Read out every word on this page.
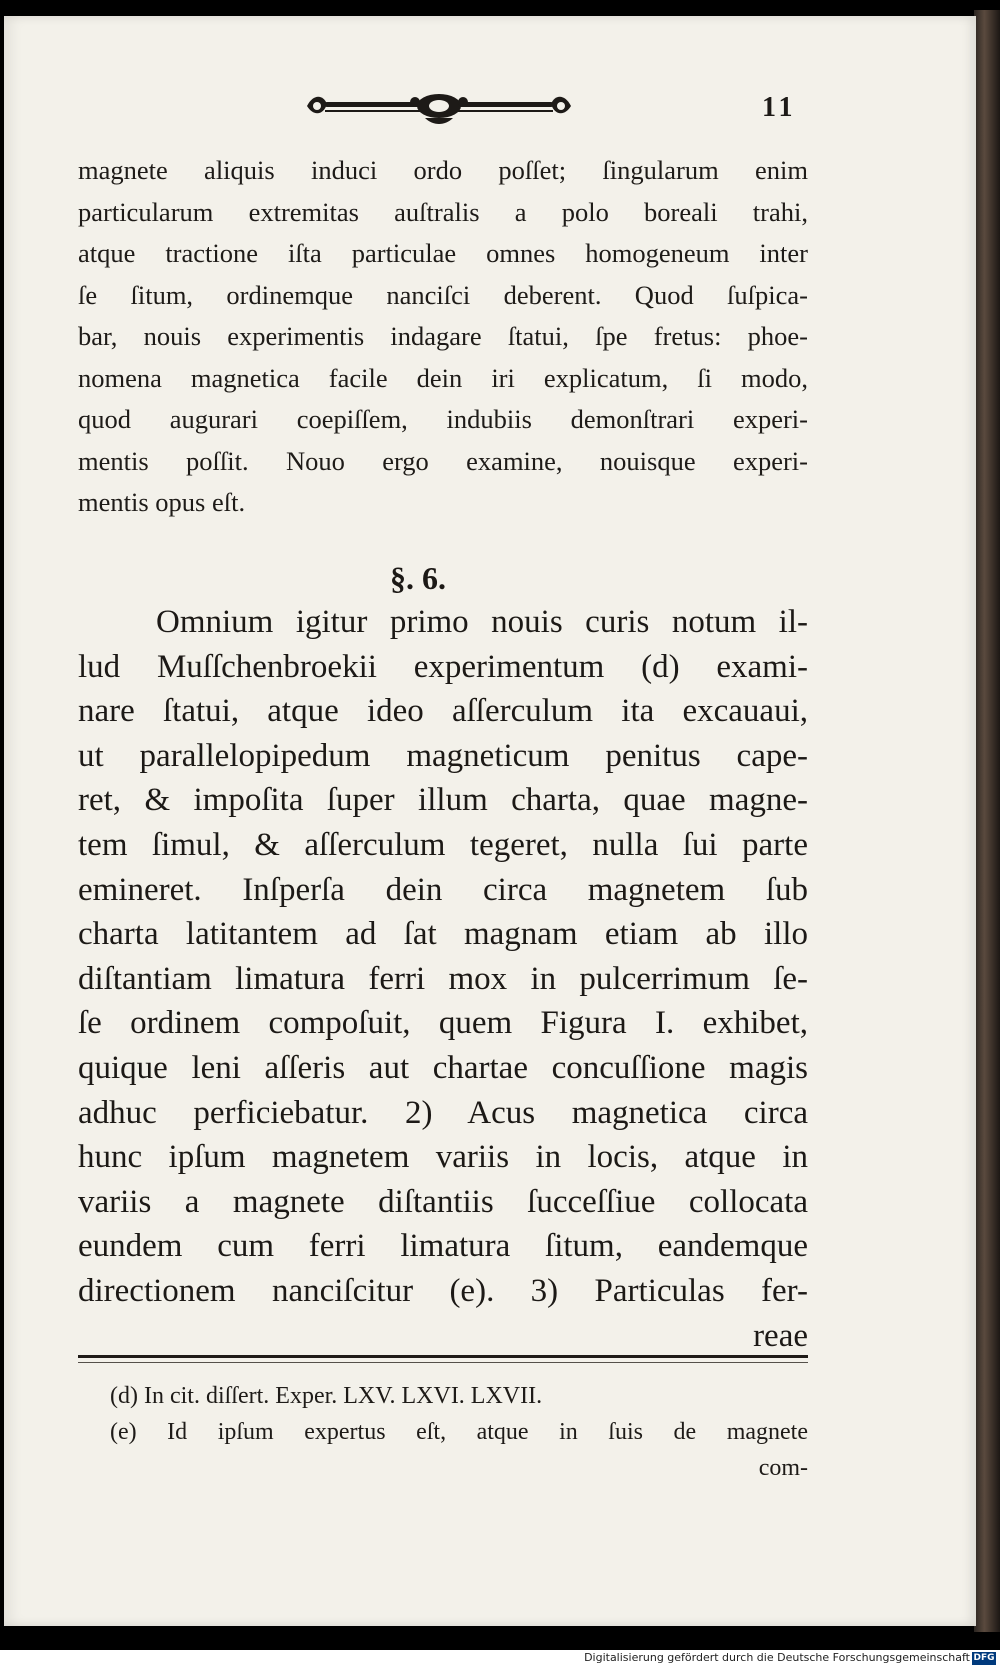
11
magnete aliquis induci ordo poſſet; ſingularum enim
particularum extremitas auſtralis a polo boreali trahi,
atque tractione iſta particulae omnes homogeneum inter
ſe ſitum, ordinemque nanciſci deberent. Quod ſuſpica-
bar, nouis experimentis indagare ſtatui, ſpe fretus: phoe-
nomena magnetica facile dein iri explicatum, ſi modo,
quod augurari coepiſſem, indubiis demonſtrari experi-
mentis poſſit. Nouo ergo examine, nouisque experi-
mentis opus eſt.
§. 6.
Omnium igitur primo nouis curis notum il-
lud Muſſchenbroekii experimentum (d) exami-
nare ſtatui, atque ideo aſſerculum ita excauaui,
ut parallelopipedum magneticum penitus cape-
ret, & impoſita ſuper illum charta, quae magne-
tem ſimul, & aſſerculum tegeret, nulla ſui parte
emineret. Inſperſa dein circa magnetem ſub
charta latitantem ad ſat magnam etiam ab illo
diſtantiam limatura ferri mox in pulcerrimum ſe-
ſe ordinem compoſuit, quem Figura I. exhibet,
quique leni aſſeris aut chartae concuſſione magis
adhuc perficiebatur. 2) Acus magnetica circa
hunc ipſum magnetem variis in locis, atque in
variis a magnete diſtantiis ſucceſſiue collocata
eundem cum ferri limatura ſitum, eandemque
directionem nanciſcitur (e). 3) Particulas fer-
reae
(d) In cit. diſſert. Exper. LXV. LXVI. LXVII.
(e) Id ipſum expertus eſt, atque in ſuis de magnete
com-
Digitalisierung gefördert durch die Deutsche Forschungsgemeinschaft DFG
